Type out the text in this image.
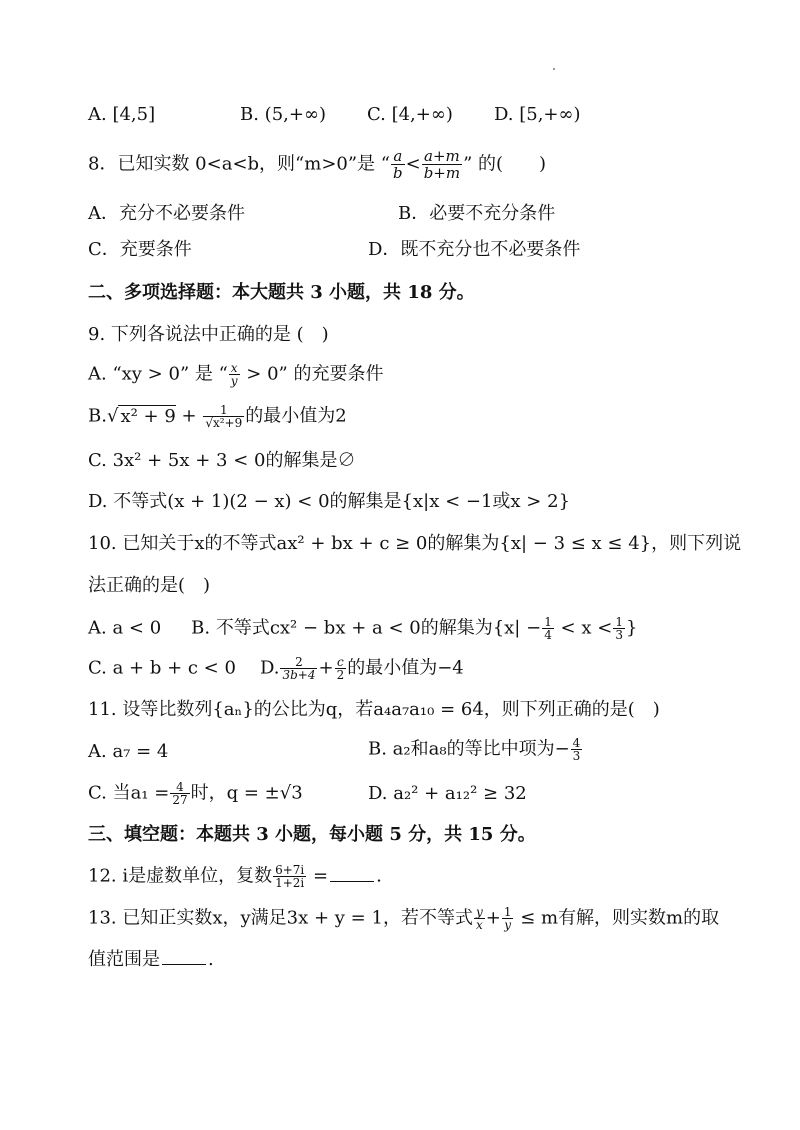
A. [4,5]	B. (5,+∞) C. [4,+∞) D. [5,+∞)
8．已知实数 0<a<b，则“m>0”是 “ $\frac{a}{b} < \frac{a+m}{b+m}$ ” 的(　　)
A．充分不必要条件	B．必要不充分条件
C．充要条件	D．既不充分也不必要条件
二、多项选择题：本大题共 3 小题，共 18 分。
9. 下列各说法中正确的是 (　)
A. “xy > 0” 是 “ $\frac{x}{y} > 0$” 的充要条件
B.√ $x^2 + 9 + \frac{1}{\text{√x²+9}}$ 的最小值为2
C. 3x² + 5x + 3 < 0的解集是∅
D. 不等式(x + 1)(2 − x) < 0的解集是{x|x < −1或x > 2}
10. 已知关于x的不等式ax² + bx + c ≥ 0的解集为{x| − 3 ≤ x ≤ 4}，则下列说
法正确的是(　)
A. a < 0 B. 不等式cx² − bx + a < 0的解集为{$x| - \frac{1}{4} < x < \frac{1}{3}$ }
C. a + b + c < 0 D. $\frac{2}{3b+4} + \frac{c}{2}$ 的最小值为−4
11. 设等比数列{aₙ}的公比为q，若a₄a₇a₁₀ = 64，则下列正确的是(　)
A. a₇ = 4	B. a₂和a₈的等比中项为− $\frac{4}{3}$
C. 当$a_1 = \frac{4}{27}$ 时，q = ±√3	D. a₂² + a₁₂² ≥ 32
三、填空题：本题共 3 小题，每小题 5 分，共 15 分。
12. i是虚数单位，复数 $\frac{6+7i}{1+2i}$ =	.
13. 已知正实数x，y满足3x + y = 1，若不等式 $\frac{y}{x} + \frac{1}{y} \le m$有解，则实数m的取
值范围是	.
